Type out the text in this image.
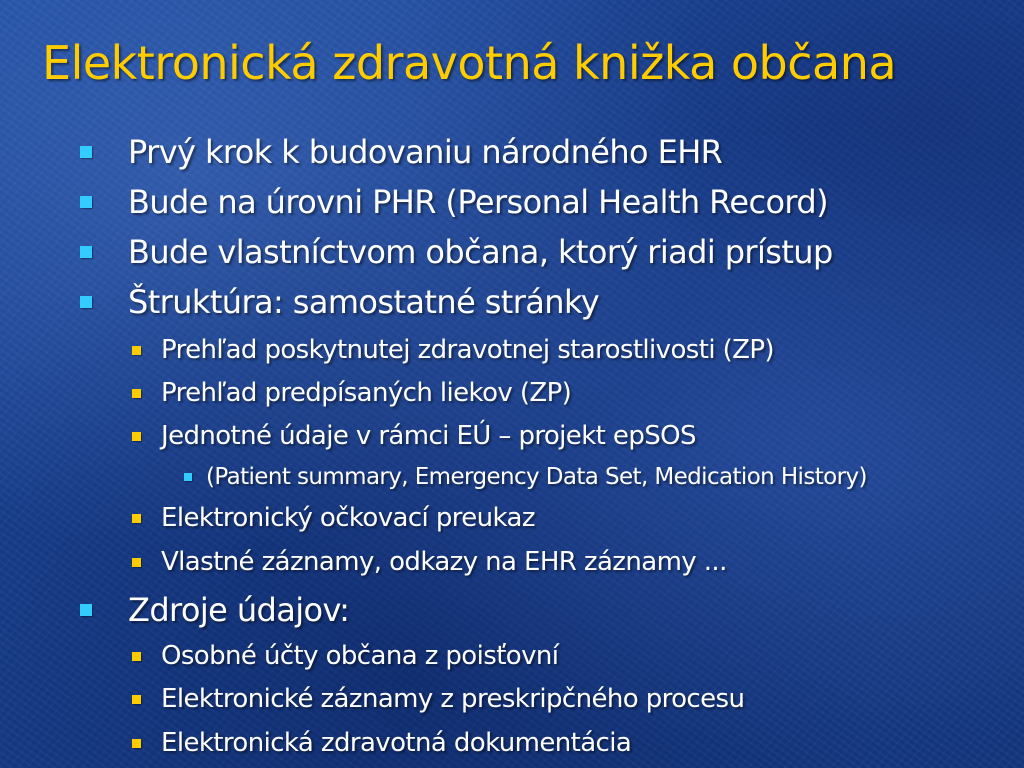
Elektronická zdravotná knižka občana
Prvý krok k budovaniu národného EHR
Bude na úrovni PHR (Personal Health Record)
Bude vlastníctvom občana, ktorý riadi prístup
Štruktúra: samostatné stránky
Prehľad poskytnutej zdravotnej starostlivosti (ZP)
Prehľad predpísaných liekov (ZP)
Jednotné údaje v rámci EÚ – projekt epSOS
(Patient summary, Emergency Data Set, Medication History)
Elektronický očkovací preukaz
Vlastné záznamy, odkazy na EHR záznamy ...
Zdroje údajov:
Osobné účty občana z poisťovní
Elektronické záznamy z preskripčného procesu
Elektronická zdravotná dokumentácia
